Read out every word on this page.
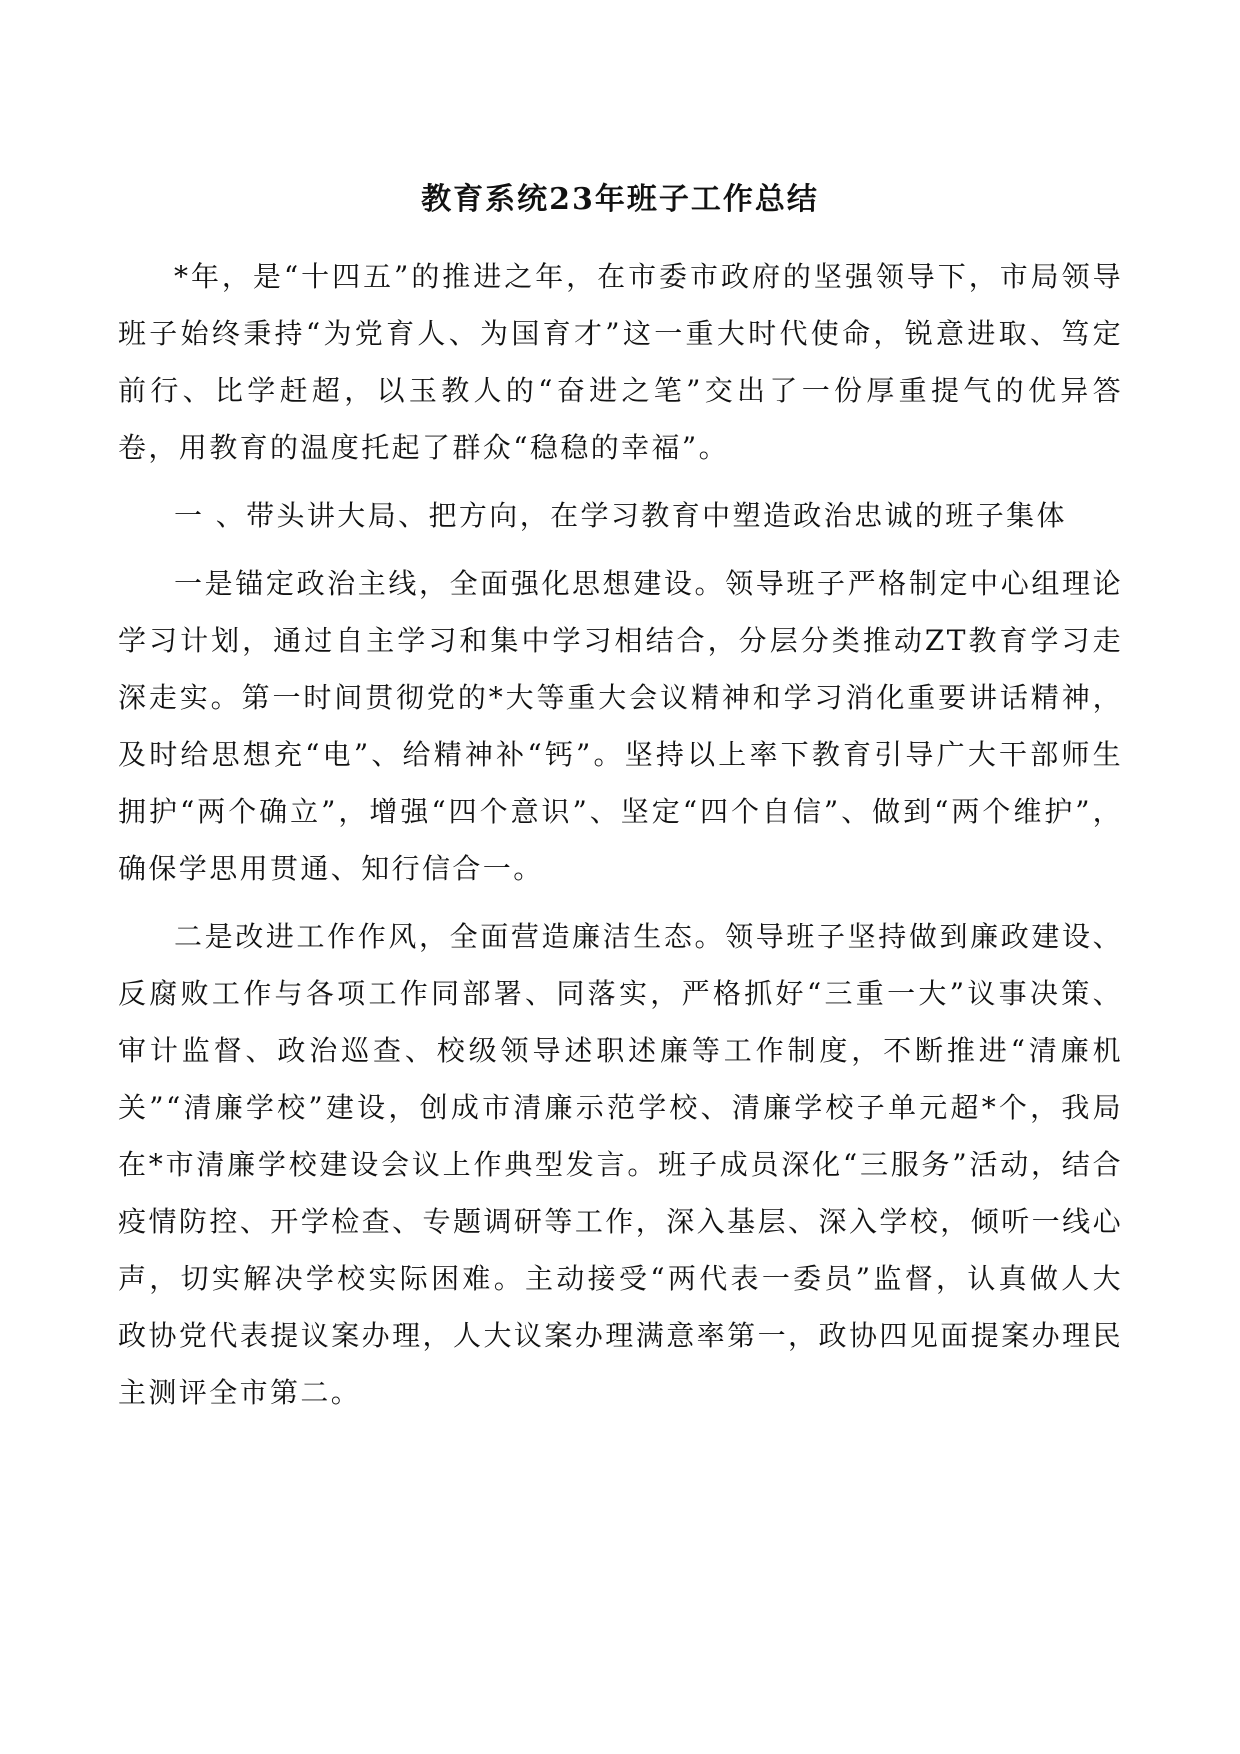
教育系统23年班子工作总结

*年，是“十四五”的推进之年，在市委市政府的坚强领导下，市局领导班子始终秉持“为党育人、为国育才”这一重大时代使命，锐意进取、笃定前行、比学赶超，以玉教人的“奋进之笔”交出了一份厚重提气的优异答卷，用教育的温度托起了群众“稳稳的幸福”。

一 、带头讲大局、把方向，在学习教育中塑造政治忠诚的班子集体

一是锚定政治主线，全面强化思想建设。领导班子严格制定中心组理论学习计划，通过自主学习和集中学习相结合，分层分类推动ZT教育学习走深走实。第一时间贯彻党的*大等重大会议精神和学习消化重要讲话精神，及时给思想充“电”、给精神补“钙”。坚持以上率下教育引导广大干部师生拥护“两个确立”，增强“四个意识”、坚定“四个自信”、做到“两个维护”，确保学思用贯通、知行信合一。

二是改进工作作风，全面营造廉洁生态。领导班子坚持做到廉政建设、反腐败工作与各项工作同部署、同落实，严格抓好“三重一大”议事决策、审计监督、政治巡查、校级领导述职述廉等工作制度，不断推进“清廉机关”“清廉学校”建设，创成市清廉示范学校、清廉学校子单元超*个，我局在*市清廉学校建设会议上作典型发言。班子成员深化“三服务”活动，结合疫情防控、开学检查、专题调研等工作，深入基层、深入学校，倾听一线心声，切实解决学校实际困难。主动接受“两代表一委员”监督，认真做人大政协党代表提议案办理，人大议案办理满意率第一，政协四见面提案办理民主测评全市第二。
